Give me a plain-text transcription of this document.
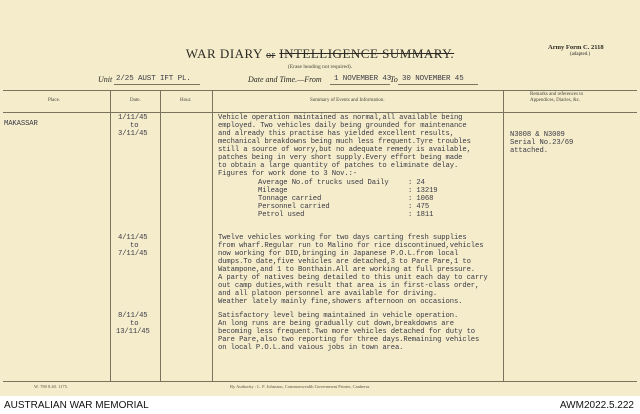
WAR DIARY or INTELLIGENCE SUMMARY.
(Erase heading not required).
Army Form C. 2118
(adapted.)
Unit 2/25 AUST IFT PL.	Date and Time.—From 1 NOVEMBER 43
To 30 NOVEMBER 45
Place.	Date.	Hour.	Summary of Events and Information.
Remarks and references to
Appendices, Diaries, &c.
MAKASSAR
1/11/45
to
3/11/45
Vehicle operation maintained as normal,all available being
employed. Two vehicles daily being grounded for maintenance
and already this practise has yielded excellent results,
mechanical breakdowns being much less frequent.Tyre troubles
still a source of worry,but no adequate remedy is available,
patches being in very short supply.Every effort being made
to obtain a large quantity of patches to eliminate delay.
Figures for work done to 3 Nov.:-
Average No.of trucks used Daily	: 24
Mileage	: 13219
Tonnage carried	: 1068
Personnel carried	: 475
Petrol used	: 1811
N3008 & N3009
Serial No.23/69
attached.
4/11/45
to
7/11/45
Twelve vehicles working for two days carting fresh supplies
from wharf.Regular run to Malino for rice discontinued,vehicles
now working for DID,bringing in Japanese P.O.L.from local
dumps.To date,five vehicles are detached,3 to Pare Pare,1 to
Watampone,and 1 to Bonthain.All are working at full pressure.
A party of natives being detailed to this unit each day to carry
out camp duties,with result that area is in first-class order,
and all platoon personnel are available for driving.
Weather lately mainly fine,showers afternoon on occasions.
8/11/45
to
13/11/45
Satisfactory level being maintained in vehicle operation.
An long runs are being gradually cut down,breakdowns are
becoming less frequent.Two more vehicles detached for duty to
Pare Pare,also two reporting for three days.Remaining vehicles
on local P.O.L.and vaious jobs in town area.
W. 780 8.40. 1175.	By Authority : L. F. Johnston, Commonwealth Government Printer, Canberra.
AUSTRALIAN WAR MEMORIAL	AWM2022.5.222
